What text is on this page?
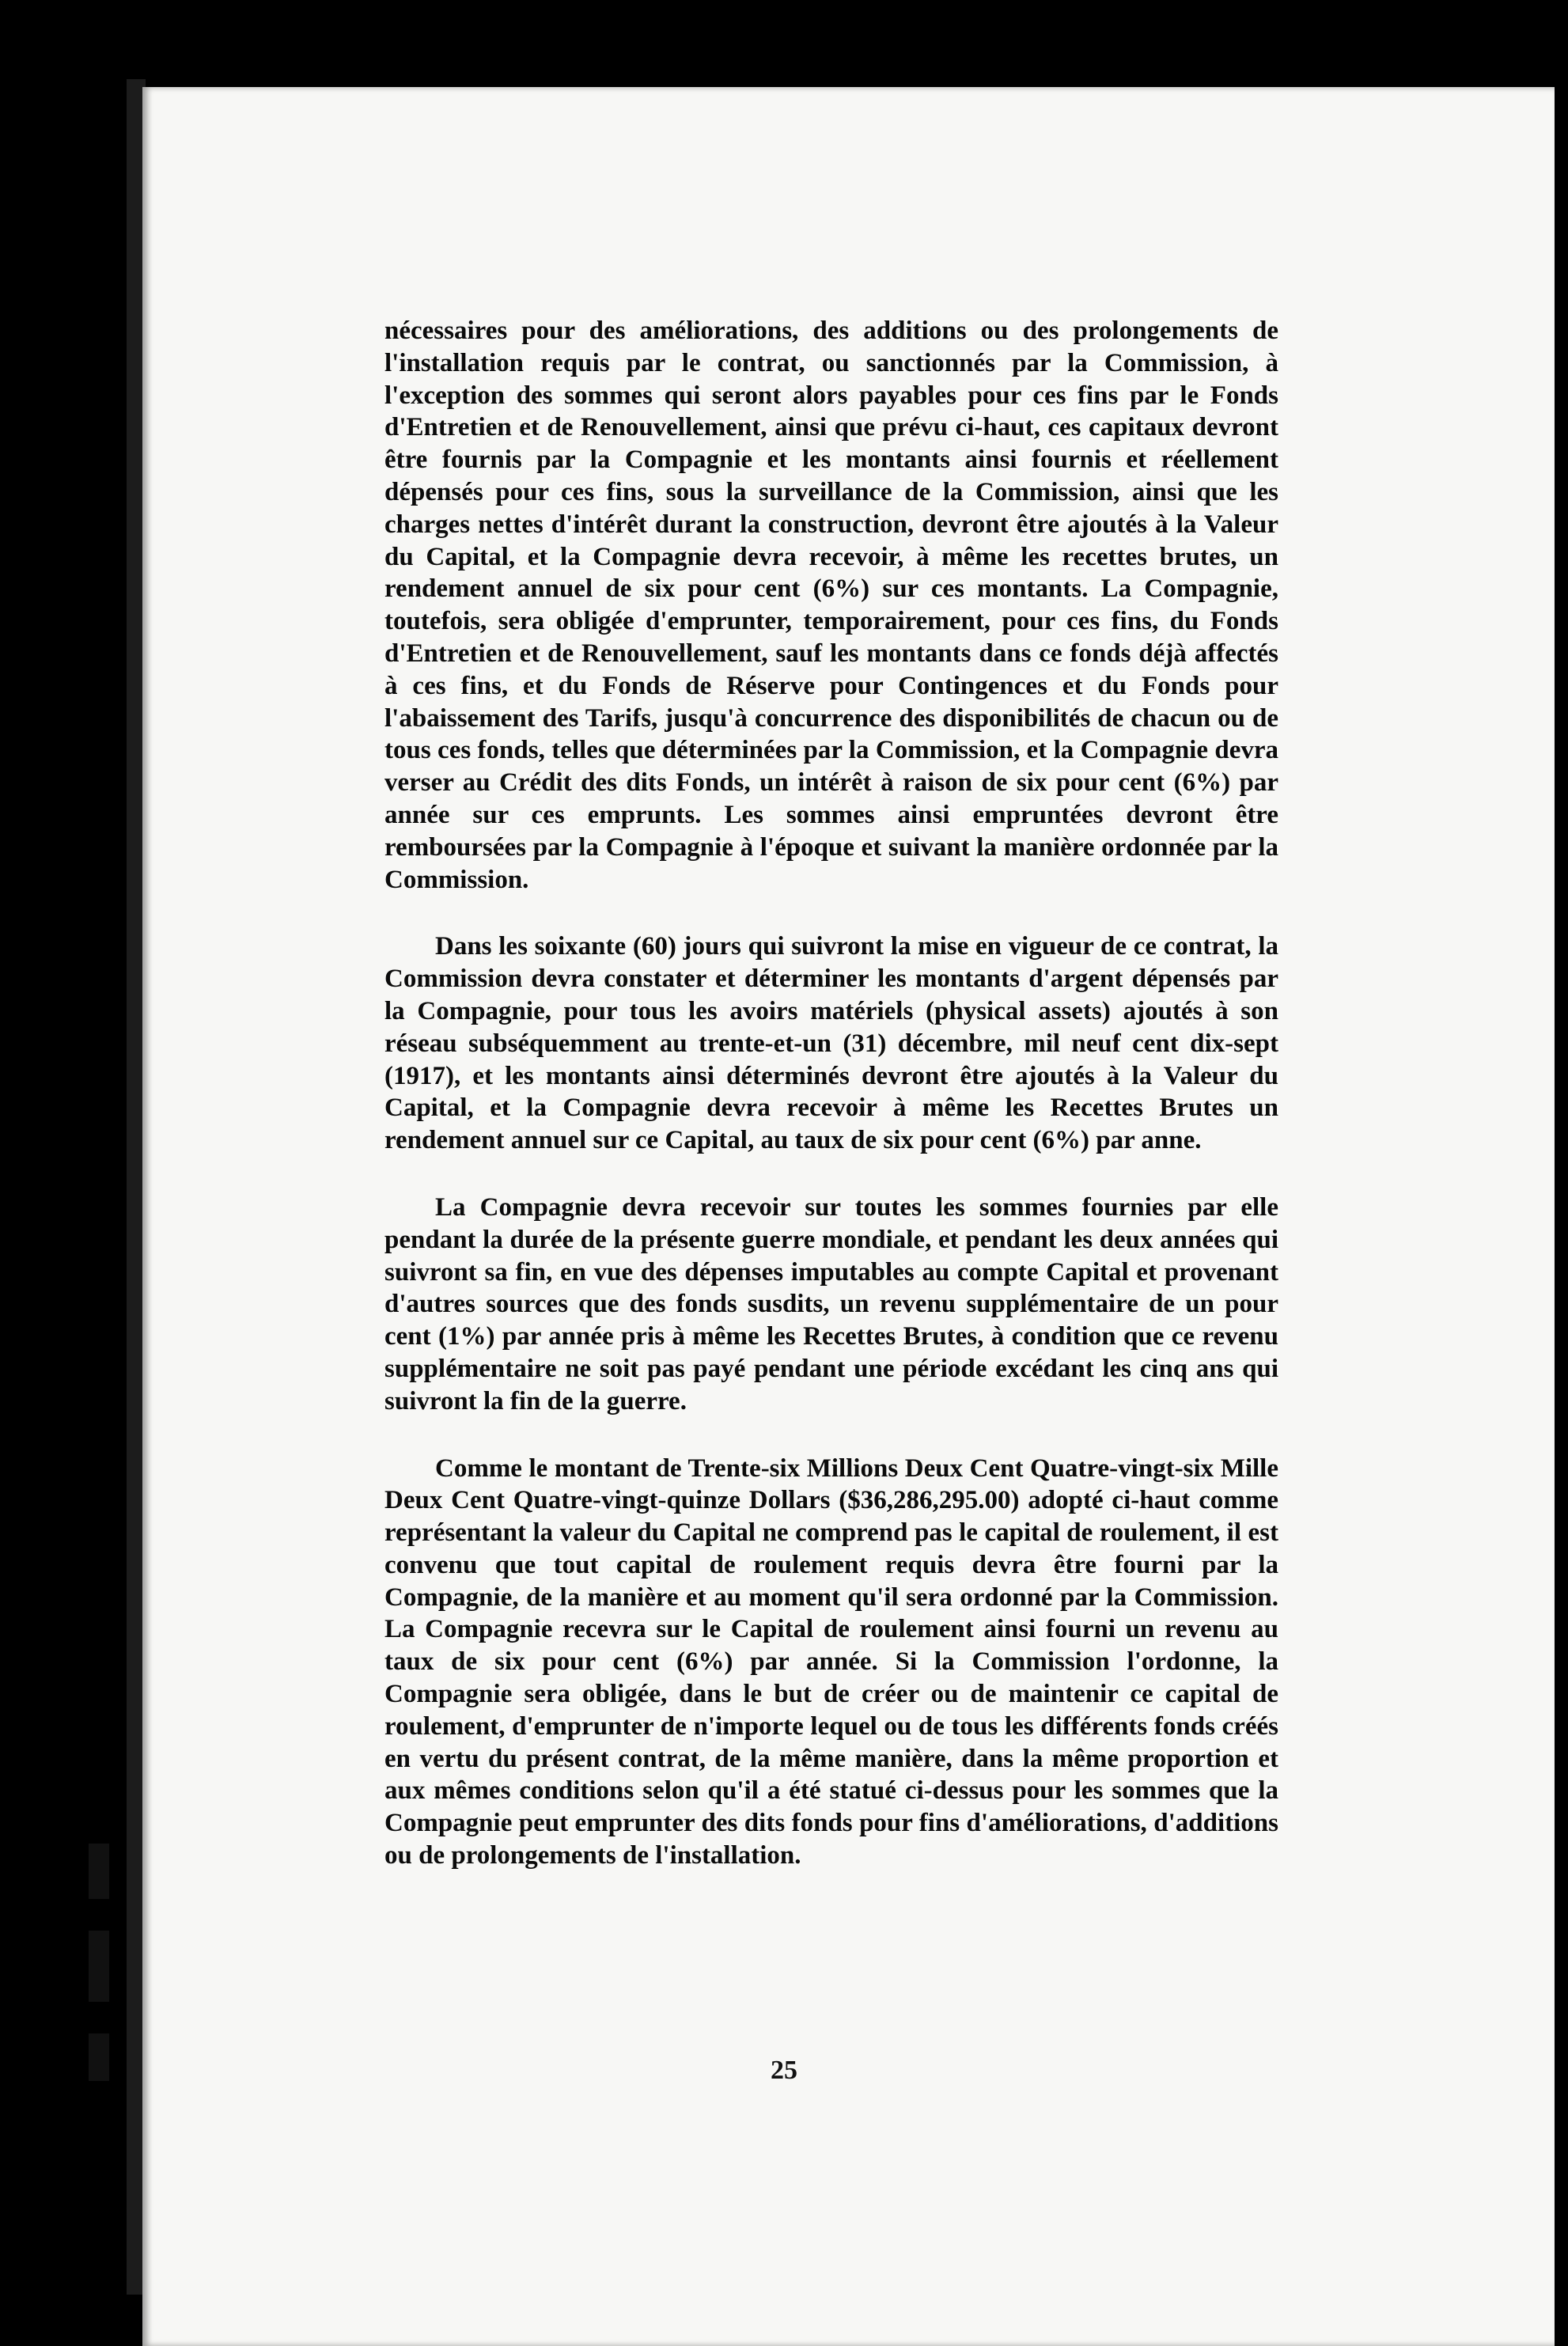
nécessaires pour des améliorations, des additions ou des prolongements de l'installation requis par le contrat, ou sanctionnés par la Commission, à l'exception des sommes qui seront alors payables pour ces fins par le Fonds d'Entretien et de Renouvellement, ainsi que prévu ci-haut, ces capitaux devront être fournis par la Compagnie et les montants ainsi fournis et réellement dépensés pour ces fins, sous la surveillance de la Commission, ainsi que les charges nettes d'intérêt durant la construction, devront être ajoutés à la Valeur du Capital, et la Compagnie devra recevoir, à même les recettes brutes, un rendement annuel de six pour cent (6%) sur ces montants. La Compagnie, toutefois, sera obligée d'emprunter, temporairement, pour ces fins, du Fonds d'Entretien et de Renouvellement, sauf les montants dans ce fonds déjà affectés à ces fins, et du Fonds de Réserve pour Contingences et du Fonds pour l'abaissement des Tarifs, jusqu'à concurrence des disponibilités de chacun ou de tous ces fonds, telles que déterminées par la Commission, et la Compagnie devra verser au Crédit des dits Fonds, un intérêt à raison de six pour cent (6%) par année sur ces emprunts. Les sommes ainsi empruntées devront être remboursées par la Compagnie à l'époque et suivant la manière ordonnée par la Commission.

Dans les soixante (60) jours qui suivront la mise en vigueur de ce contrat, la Commission devra constater et déterminer les montants d'argent dépensés par la Compagnie, pour tous les avoirs matériels (physical assets) ajoutés à son réseau subséquemment au trente-et-un (31) décembre, mil neuf cent dix-sept (1917), et les montants ainsi déterminés devront être ajoutés à la Valeur du Capital, et la Compagnie devra recevoir à même les Recettes Brutes un rendement annuel sur ce Capital, au taux de six pour cent (6%) par anne.

La Compagnie devra recevoir sur toutes les sommes fournies par elle pendant la durée de la présente guerre mondiale, et pendant les deux années qui suivront sa fin, en vue des dépenses imputables au compte Capital et provenant d'autres sources que des fonds susdits, un revenu supplémentaire de un pour cent (1%) par année pris à même les Recettes Brutes, à condition que ce revenu supplémentaire ne soit pas payé pendant une période excédant les cinq ans qui suivront la fin de la guerre.

Comme le montant de Trente-six Millions Deux Cent Quatre-vingt-six Mille Deux Cent Quatre-vingt-quinze Dollars ($36,286,295.00) adopté ci-haut comme représentant la valeur du Capital ne comprend pas le capital de roulement, il est convenu que tout capital de roulement requis devra être fourni par la Compagnie, de la manière et au moment qu'il sera ordonné par la Commission. La Compagnie recevra sur le Capital de roulement ainsi fourni un revenu au taux de six pour cent (6%) par année. Si la Commission l'ordonne, la Compagnie sera obligée, dans le but de créer ou de maintenir ce capital de roulement, d'emprunter de n'importe lequel ou de tous les différents fonds créés en vertu du présent contrat, de la même manière, dans la même proportion et aux mêmes conditions selon qu'il a été statué ci-dessus pour les sommes que la Compagnie peut emprunter des dits fonds pour fins d'améliorations, d'additions ou de prolongements de l'installation.

25
